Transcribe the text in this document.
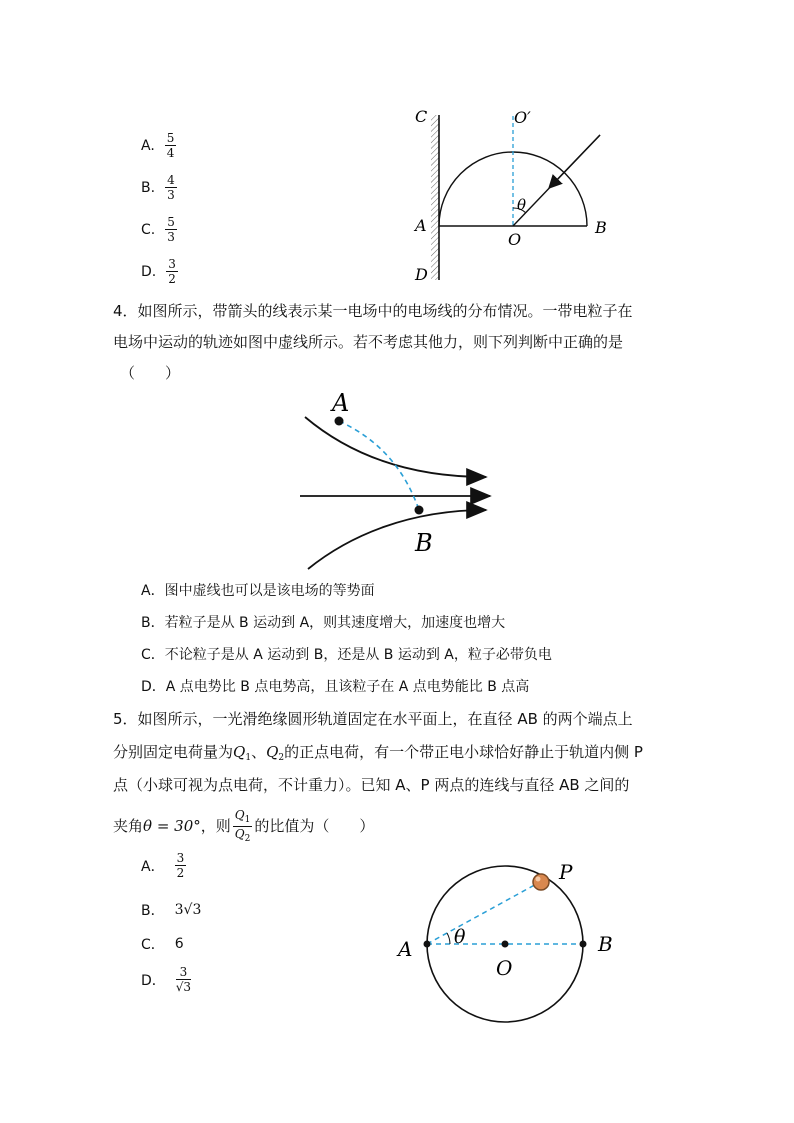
A. $\frac{5}{4}$
B. $\frac{4}{3}$
C. $\frac{5}{3}$
D. $\frac{3}{2}$
C	O′
θ
A
O
B
D
4．如图所示，带箭头的线表示某一电场中的电场线的分布情况。一带电粒子在
电场中运动的轨迹如图中虚线所示。若不考虑其他力，则下列判断中正确的是
（　　）
A
B
A．图中虚线也可以是该电场的等势面
B．若粒子是从 B 运动到 A，则其速度增大，加速度也增大
C．不论粒子是从 A 运动到 B，还是从 B 运动到 A，粒子必带负电
D．A 点电势比 B 点电势高，且该粒子在 A 点电势能比 B 点高
5．如图所示，一光滑绝缘圆形轨道固定在水平面上，在直径 AB 的两个端点上
分别固定电荷量为$Q_1$、$Q_2$的正点电荷，有一个带正电小球恰好静止于轨道内侧 P
点（小球可视为点电荷，不计重力）。已知 A、P 两点的连线与直径 AB 之间的
夹角 θ = 30° ，则 $\frac{Q_1}{Q_2}$ 的比值为（　　）
A． $\frac{3}{2}$
B． 3√3
C． 6
D． $\frac{3}{√3}$
P
A θ
O
B
